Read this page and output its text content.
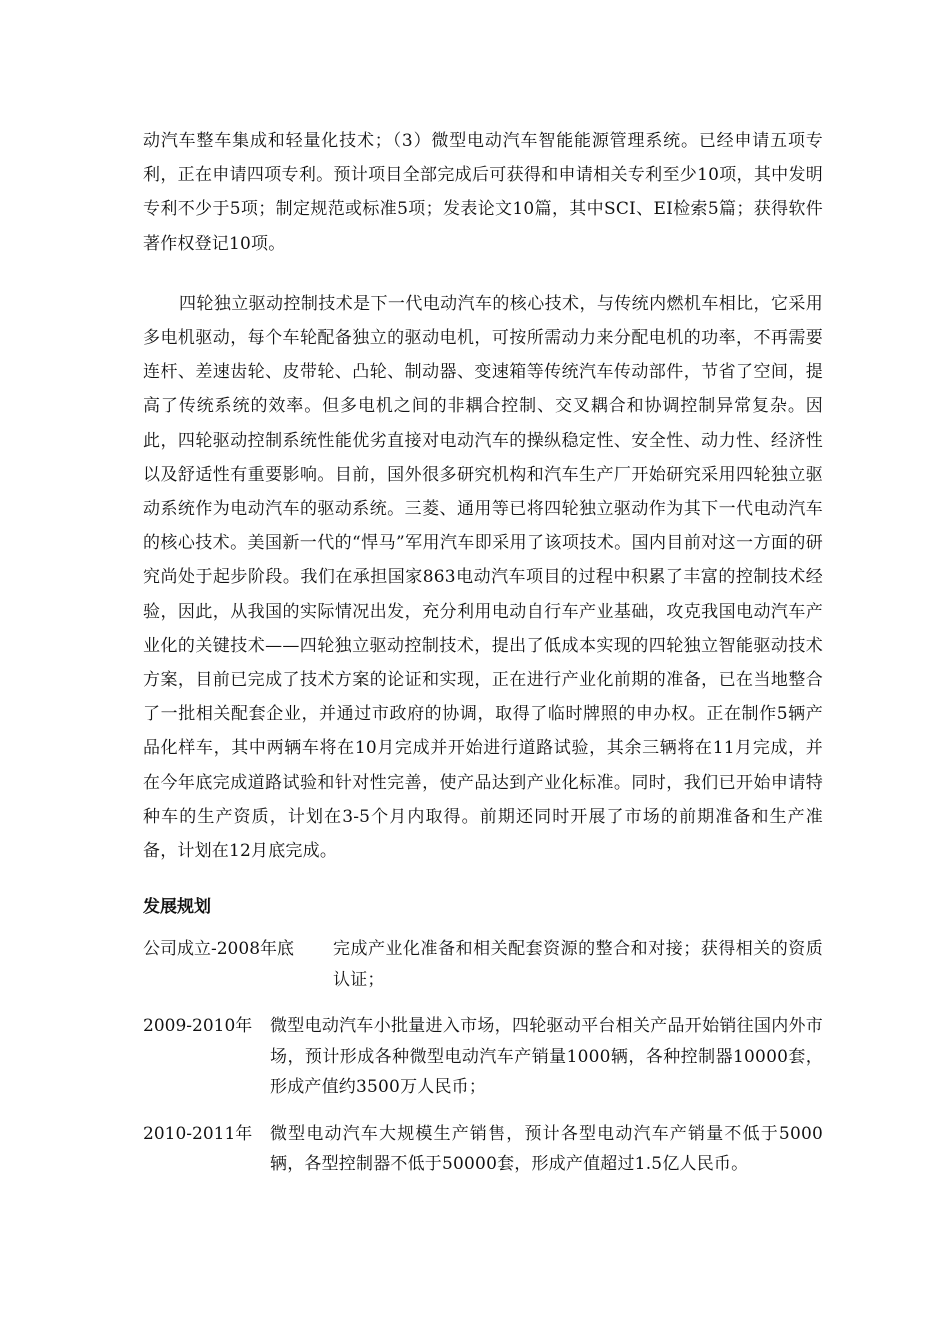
动汽车整车集成和轻量化技术；（3）微型电动汽车智能能源管理系统。已经申请五项专利，正在申请四项专利。预计项目全部完成后可获得和申请相关专利至少10项，其中发明专利不少于5项；制定规范或标准5项；发表论文10篇，其中SCI、EI检索5篇；获得软件著作权登记10项。

四轮独立驱动控制技术是下一代电动汽车的核心技术，与传统内燃机车相比，它采用多电机驱动，每个车轮配备独立的驱动电机，可按所需动力来分配电机的功率，不再需要连杆、差速齿轮、皮带轮、凸轮、制动器、变速箱等传统汽车传动部件，节省了空间，提高了传统系统的效率。但多电机之间的非耦合控制、交叉耦合和协调控制异常复杂。因此，四轮驱动控制系统性能优劣直接对电动汽车的操纵稳定性、安全性、动力性、经济性以及舒适性有重要影响。目前，国外很多研究机构和汽车生产厂开始研究采用四轮独立驱动系统作为电动汽车的驱动系统。三菱、通用等已将四轮独立驱动作为其下一代电动汽车的核心技术。美国新一代的“悍马”军用汽车即采用了该项技术。国内目前对这一方面的研究尚处于起步阶段。我们在承担国家863电动汽车项目的过程中积累了丰富的控制技术经验，因此，从我国的实际情况出发，充分利用电动自行车产业基础，攻克我国电动汽车产业化的关键技术——四轮独立驱动控制技术，提出了低成本实现的四轮独立智能驱动技术方案，目前已完成了技术方案的论证和实现，正在进行产业化前期的准备，已在当地整合了一批相关配套企业，并通过市政府的协调，取得了临时牌照的申办权。正在制作5辆产品化样车，其中两辆车将在10月完成并开始进行道路试验，其余三辆将在11月完成，并在今年底完成道路试验和针对性完善，使产品达到产业化标准。同时，我们已开始申请特种车的生产资质，计划在3-5个月内取得。前期还同时开展了市场的前期准备和生产准备，计划在12月底完成。

发展规划
公司成立-2008年底	完成产业化准备和相关配套资源的整合和对接；获得相关的资质认证；
2009-2010年	微型电动汽车小批量进入市场，四轮驱动平台相关产品开始销往国内外市场，预计形成各种微型电动汽车产销量1000辆，各种控制器10000套，形成产值约3500万人民币；
2010-2011年	微型电动汽车大规模生产销售，预计各型电动汽车产销量不低于5000辆，各型控制器不低于50000套，形成产值超过1.5亿人民币。
